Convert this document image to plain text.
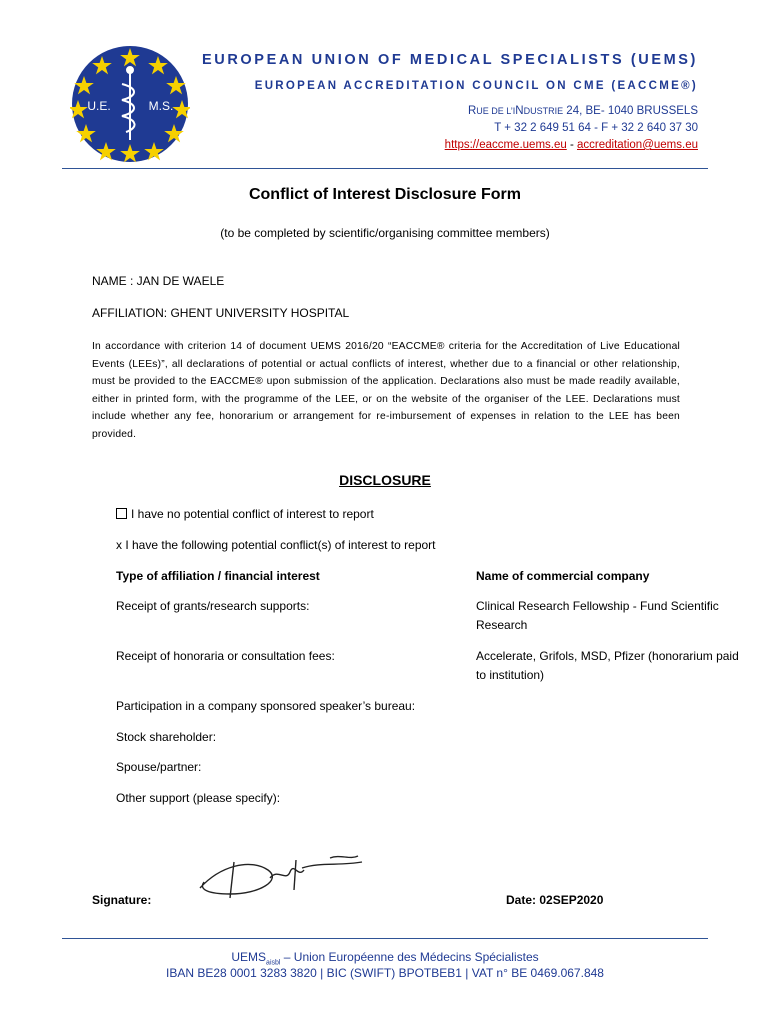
U.E.	M.S.
EUROPEAN UNION OF MEDICAL SPECIALISTS (UEMS)
EUROPEAN ACCREDITATION COUNCIL ON CME (EACCME®)
RUE DE L’INDUSTRIE 24, BE- 1040 BRUSSELS
T + 32 2 649 51 64 - F + 32 2 640 37 30
https://eaccme.uems.eu - accreditation@uems.eu
Conflict of Interest Disclosure Form
(to be completed by scientific/organising committee members)
NAME : JAN DE WAELE
AFFILIATION: GHENT UNIVERSITY HOSPITAL
In accordance with criterion 14 of document UEMS 2016/20 “EACCME® criteria for the Accreditation of Live Educational Events (LEEs)”, all declarations of potential or actual conflicts of interest, whether due to a financial or other relationship, must be provided to the EACCME® upon submission of the application. Declarations also must be made readily available, either in printed form, with the programme of the LEE, or on the website of the organiser of the LEE. Declarations must include whether any fee, honorarium or arrangement for re-imbursement of expenses in relation to the LEE has been provided.
DISCLOSURE
I have no potential conflict of interest to report
x I have the following potential conflict(s) of interest to report
Type of affiliation / financial interest	Name of commercial company
Receipt of grants/research supports:	Clinical Research Fellowship - Fund Scientific Research
Receipt of honoraria or consultation fees:	Accelerate, Grifols, MSD, Pfizer (honorarium paid to institution)
Participation in a company sponsored speaker’s bureau:
Stock shareholder:
Spouse/partner:
Other support (please specify):
Signature:	Date: 02SEP2020
$UEMS_{aisbl}$ – Union Européenne des Médecins Spécialistes
IBAN BE28 0001 3283 3820 | BIC (SWIFT) BPOTBEB1 | VAT n° BE 0469.067.848
